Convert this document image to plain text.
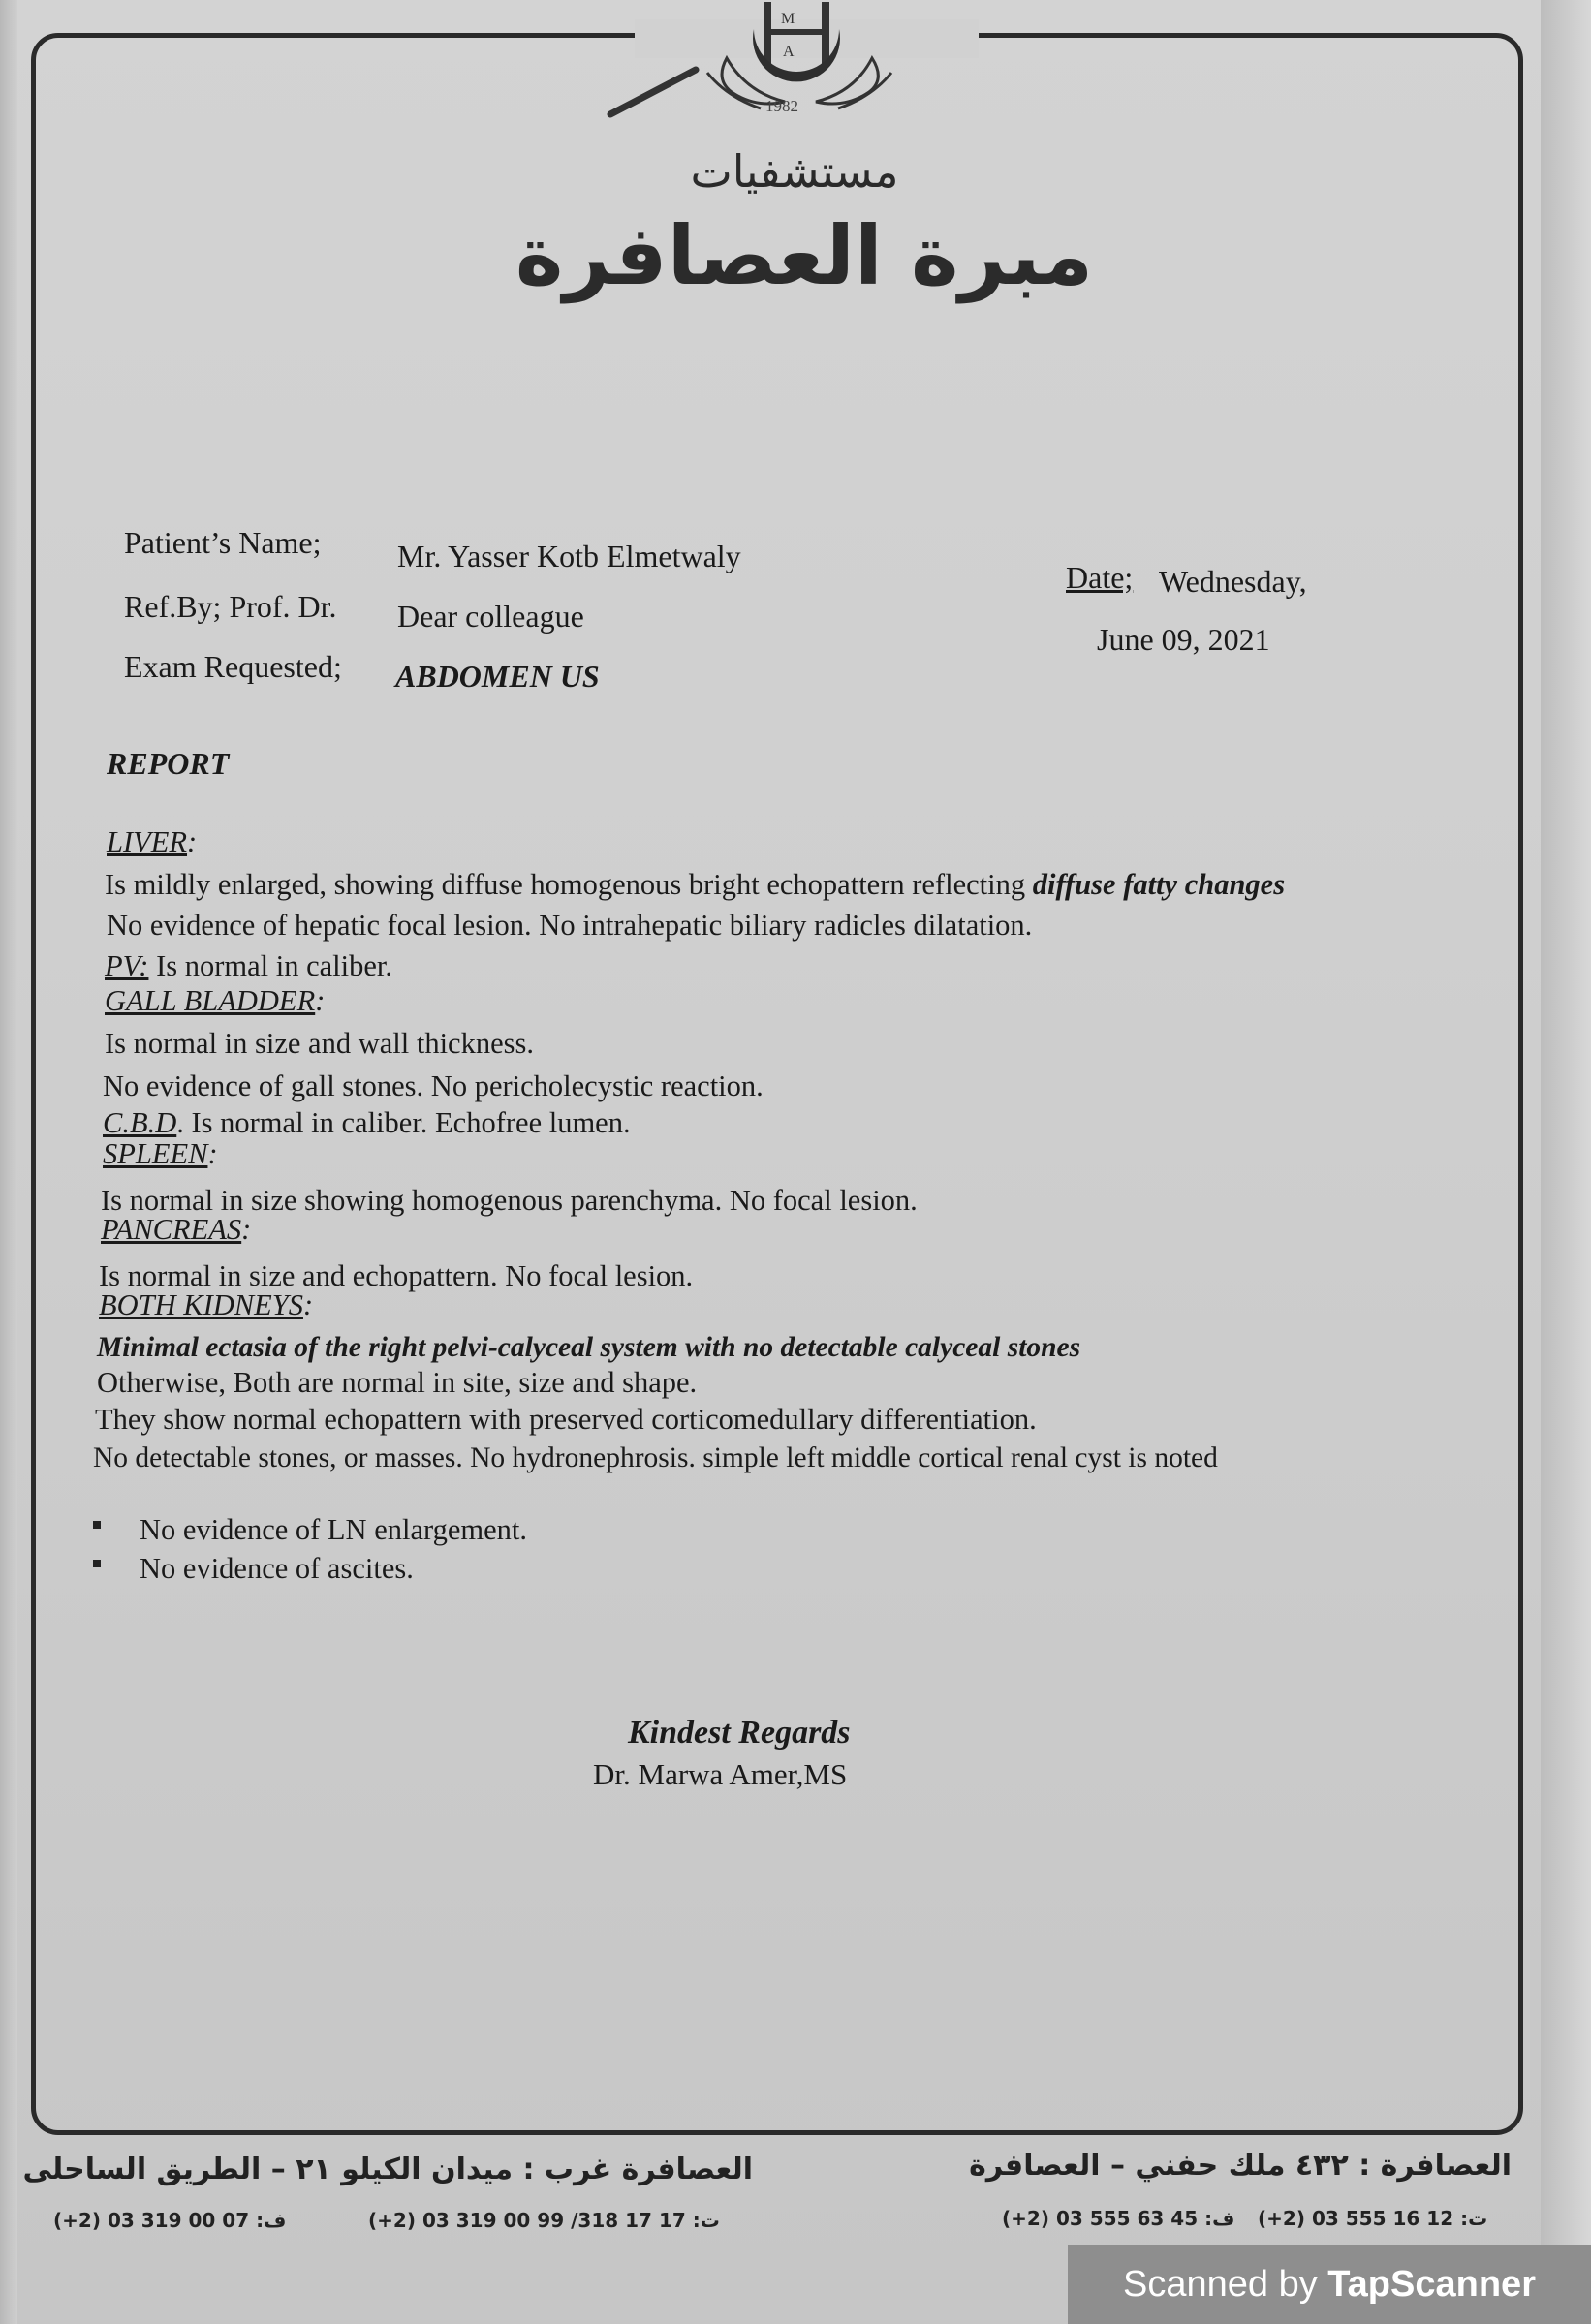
M
A
1982
مستشفيات
مبرة العصافرة
Patient’s Name; Mr. Yasser Kotb Elmetwaly
Ref.By; Prof. Dr. Dear colleague
Exam Requested; ABDOMEN US
Date; Wednesday,
June 09, 2021
REPORT
LIVER:
Is mildly enlarged, showing diffuse homogenous bright echopattern reflecting diffuse fatty changes
No evidence of hepatic focal lesion. No intrahepatic biliary radicles dilatation.
PV: Is normal in caliber.
GALL BLADDER:
Is normal in size and wall thickness.
No evidence of gall stones. No pericholecystic reaction.
C.B.D. Is normal in caliber. Echofree lumen.
SPLEEN:
Is normal in size showing homogenous parenchyma. No focal lesion.
PANCREAS:
Is normal in size and echopattern. No focal lesion.
BOTH KIDNEYS:
Minimal ectasia of the right pelvi-calyceal system with no detectable calyceal stones
Otherwise, Both are normal in site, size and shape.
They show normal echopattern with preserved corticomedullary differentiation.
No detectable stones, or masses. No hydronephrosis. simple left middle cortical renal cyst is noted
No evidence of LN enlargement.
No evidence of ascites.
Kindest Regards
Dr. Marwa Amer,MS
العصافرة غرب : ميدان الكيلو ٢١ – الطريق الساحلى
ف: 07 00 319 03 (2+)	ت: 17 17 318/ 99 00 319 03 (2+)
العصافرة : ٤٣٢ ملك حفني – العصافرة
ف: 45 63 555 03 (2+)	ت: 12 16 555 03 (2+)
Scanned by TapScanner
